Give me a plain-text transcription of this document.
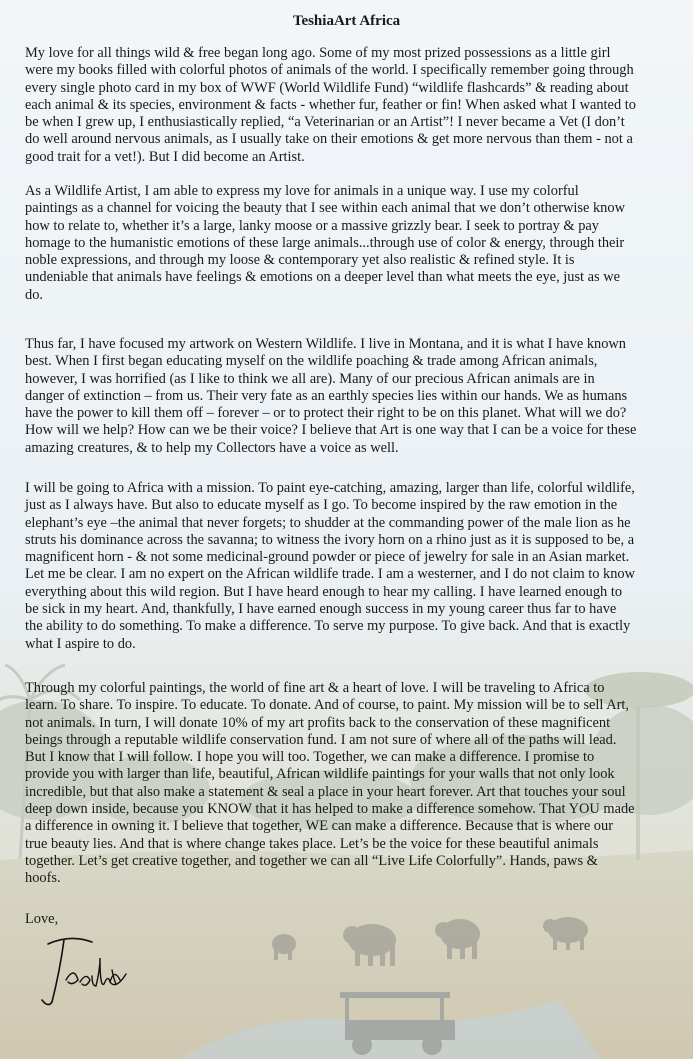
TeshiaArt Africa

My love for all things wild & free began long ago. Some of my most prized possessions as a little girl
were my books filled with colorful photos of animals of the world. I specifically remember going through
every single photo card in my box of WWF (World Wildlife Fund) “wildlife flashcards” & reading about
each animal & its species, environment & facts - whether fur, feather or fin! When asked what I wanted to
be when I grew up, I enthusiastically replied, “a Veterinarian or an Artist”! I never became a Vet (I don’t
do well around nervous animals, as I usually take on their emotions & get more nervous than them - not a
good trait for a vet!). But I did become an Artist.

As a Wildlife Artist, I am able to express my love for animals in a unique way. I use my colorful
paintings as a channel for voicing the beauty that I see within each animal that we don’t otherwise know
how to relate to, whether it’s a large, lanky moose or a massive grizzly bear. I seek to portray & pay
homage to the humanistic emotions of these large animals...through use of color & energy, through their
noble expressions, and through my loose & contemporary yet also realistic & refined style. It is
undeniable that animals have feelings & emotions on a deeper level than what meets the eye, just as we
do.

Thus far, I have focused my artwork on Western Wildlife. I live in Montana, and it is what I have known
best. When I first began educating myself on the wildlife poaching & trade among African animals,
however, I was horrified (as I like to think we all are). Many of our precious African animals are in
danger of extinction – from us. Their very fate as an earthly species lies within our hands. We as humans
have the power to kill them off – forever – or to protect their right to be on this planet. What will we do?
How will we help? How can we be their voice? I believe that Art is one way that I can be a voice for these
amazing creatures, & to help my Collectors have a voice as well.

I will be going to Africa with a mission. To paint eye-catching, amazing, larger than life, colorful wildlife,
just as I always have. But also to educate myself as I go. To become inspired by the raw emotion in the
elephant’s eye –the animal that never forgets; to shudder at the commanding power of the male lion as he
struts his dominance across the savanna; to witness the ivory horn on a rhino just as it is supposed to be, a
magnificent horn - & not some medicinal-ground powder or piece of jewelry for sale in an Asian market.
Let me be clear. I am no expert on the African wildlife trade. I am a westerner, and I do not claim to know
everything about this wild region. But I have heard enough to hear my calling. I have learned enough to
be sick in my heart. And, thankfully, I have earned enough success in my young career thus far to have
the ability to do something. To make a difference. To serve my purpose. To give back. And that is exactly
what I aspire to do.

Through my colorful paintings, the world of fine art & a heart of love. I will be traveling to Africa to
learn. To share. To inspire. To educate. To donate. And of course, to paint. My mission will be to sell Art,
not animals. In turn, I will donate 10% of my art profits back to the conservation of these magnificent
beings through a reputable wildlife conservation fund. I am not sure of where all of the paths will lead.
But I know that I will follow. I hope you will too. Together, we can make a difference. I promise to
provide you with larger than life, beautiful, African wildlife paintings for your walls that not only look
incredible, but that also make a statement & seal a place in your heart forever. Art that touches your soul
deep down inside, because you KNOW that it has helped to make a difference somehow. That YOU made
a difference in owning it. I believe that together, WE can make a difference. Because that is where our
true beauty lies. And that is where change takes place. Let’s be the voice for these beautiful animals
together. Let’s get creative together, and together we can all “Live Life Colorfully”. Hands, paws &
hoofs.

Love,
